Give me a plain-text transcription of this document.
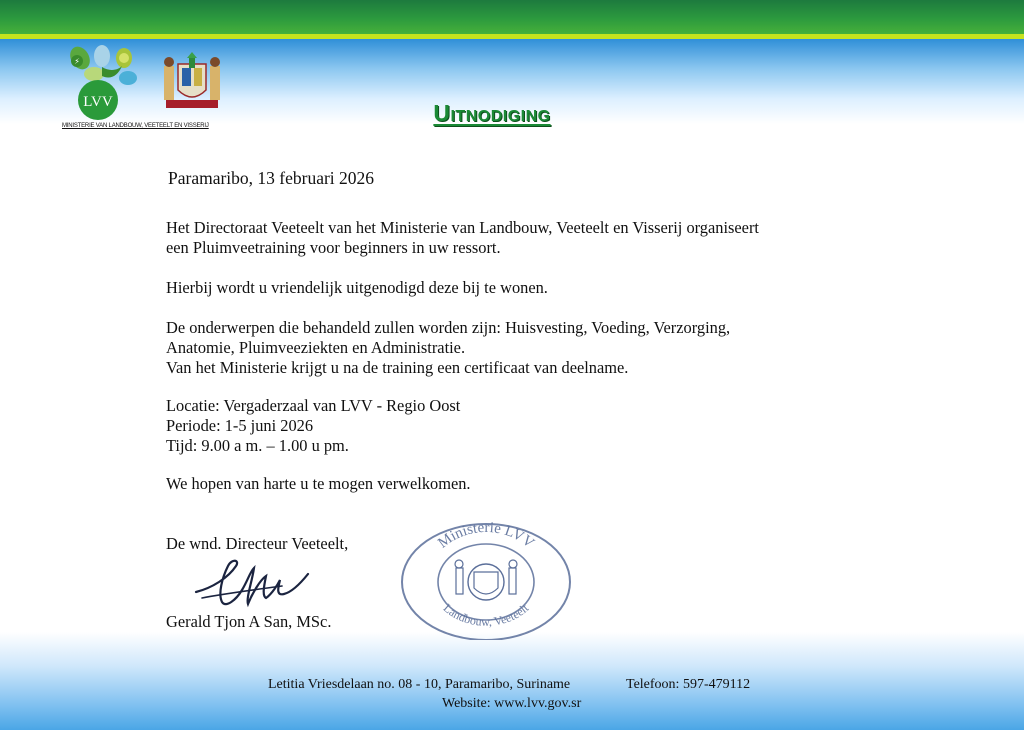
⚡
LVV
MINISTERIE VAN LANDBOUW, VEETEELT EN VISSERIJ	Uitnodiging
Paramaribo, 13 februari 2026
Het Directoraat Veeteelt van het Ministerie van Landbouw, Veeteelt en Visserij organiseert
een Pluimveetraining voor beginners in uw ressort.
Hierbij wordt u vriendelijk uitgenodigd deze bij te wonen.
De onderwerpen die behandeld zullen worden zijn: Huisvesting, Voeding, Verzorging,
Anatomie, Pluimveeziekten en Administratie.
Van het Ministerie krijgt u na de training een certificaat van deelname.
Locatie: Vergaderzaal van LVV - Regio Oost
Periode: 1-5 juni 2026
Tijd: 9.00 a m. – 1.00 u pm.
We hopen van harte u te mogen verwelkomen.
De wnd. Directeur Veeteelt,
Gerald Tjon A San, MSc.
Ministerie LVV
Landbouw, Veeteelt
Letitia Vriesdelaan no. 08 - 10, Paramaribo, Suriname	Telefoon: 597-479112
Website: www.lvv.gov.sr
